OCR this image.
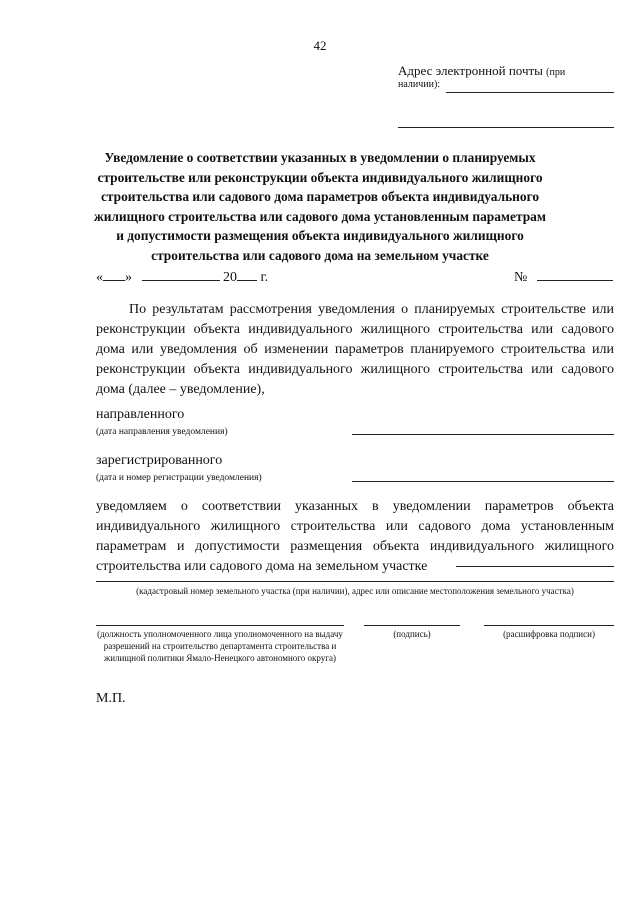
42
Адрес электронной почты (при
наличии):
Уведомление о соответствии указанных в уведомлении о планируемых строительстве или реконструкции объекта индивидуального жилищного строительства или садового дома параметров объекта индивидуального жилищного строительства или садового дома установленным параметрам и допустимости размещения объекта индивидуального жилищного строительства или садового дома на земельном участке
« »	20 г.	№
По результатам рассмотрения уведомления о планируемых строительстве или реконструкции объекта индивидуального жилищного строительства или садового дома или уведомления об изменении параметров планируемого строительства или реконструкции объекта индивидуального жилищного строительства или садового дома (далее – уведомление),
направленного
(дата направления уведомления)
зарегистрированного
(дата и номер регистрации уведомления)
уведомляем о соответствии указанных в уведомлении параметров объекта индивидуального жилищного строительства или садового дома установленным параметрам и допустимости размещения объекта индивидуального жилищного строительства или садового дома на земельном участке
(кадастровый номер земельного участка (при наличии), адрес или описание местоположения земельного участка)
(должность уполномоченного лица уполномоченного на выдачу разрешений на строительство департамента строительства и жилищной политики Ямало-Ненецкого автономного округа)
(подпись)	(расшифровка подписи)
М.П.
